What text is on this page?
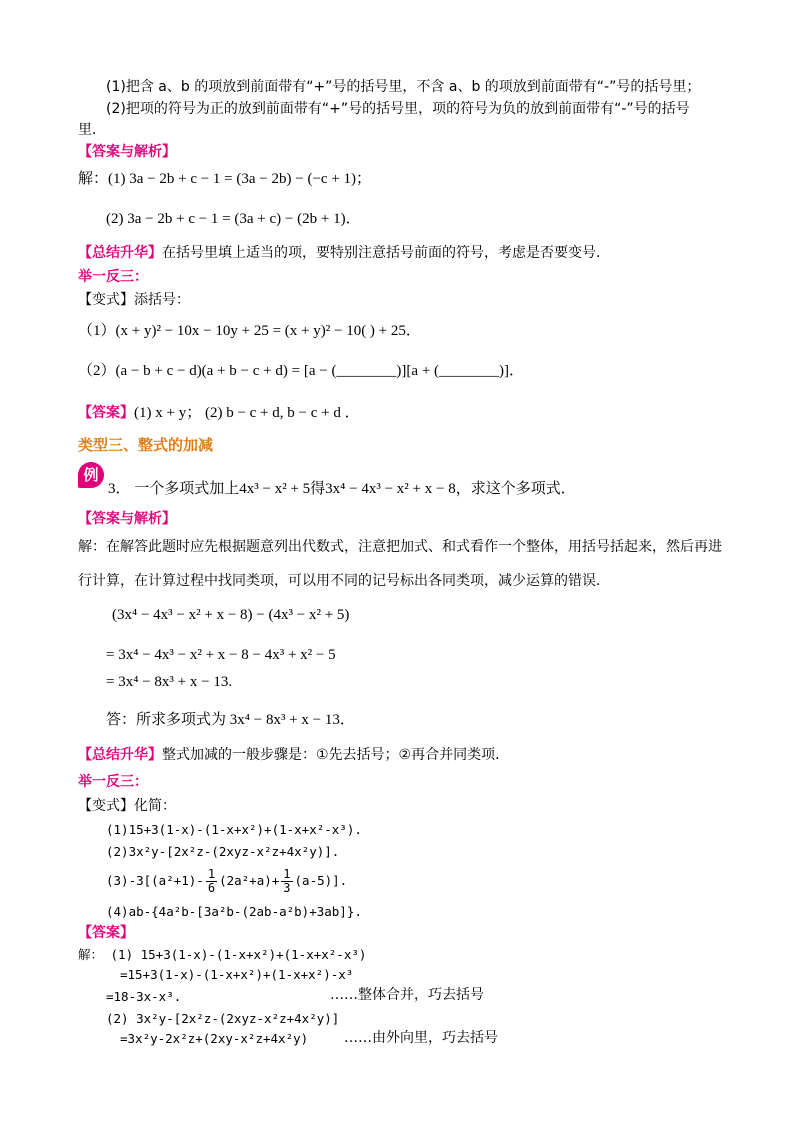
(1)把含 a、b 的项放到前面带有“+”号的括号里，不含 a、b 的项放到前面带有“-”号的括号里；
(2)把项的符号为正的放到前面带有“+”号的括号里，项的符号为负的放到前面带有“-”号的括号
里．
【答案与解析】
解：(1) 3a − 2b + c − 1 = (3a − 2b) − (−c + 1)；
(2) 3a − 2b + c − 1 = (3a + c) − (2b + 1)．
【总结升华】在括号里填上适当的项，要特别注意括号前面的符号，考虑是否要变号．
举一反三：
【变式】添括号：
（1）(x + y)² − 10x − 10y + 25 = (x + y)² − 10( ) + 25．
（2）(a − b + c − d)(a + b − c + d) = [a − (________)][a + (________)]．
【答案】(1) x + y； (2) b − c + d, b − c + d ．
类型三、整式的加减
例
3． 一个多项式加上4x³ − x² + 5得3x⁴ − 4x³ − x² + x − 8，求这个多项式．
【答案与解析】
解：在解答此题时应先根据题意列出代数式，注意把加式、和式看作一个整体，用括号括起来，然后再进
行计算，在计算过程中找同类项，可以用不同的记号标出各同类项，减少运算的错误．
(3x⁴ − 4x³ − x² + x − 8) − (4x³ − x² + 5)
= 3x⁴ − 4x³ − x² + x − 8 − 4x³ + x² − 5
= 3x⁴ − 8x³ + x − 13.
答：所求多项式为 3x⁴ − 8x³ + x − 13．
【总结升华】整式加减的一般步骤是：①先去括号；②再合并同类项．
举一反三：
【变式】化简：
(1)15+3(1-x)-(1-x+x²)+(1-x+x²-x³).
(2)3x²y-[2x²z-(2xyz-x²z+4x²y)].
$(3)-3[(a^2+1)- \frac{1}{6} (2a^2+a)+ \frac{1}{3} (a-5)]$.
(4)ab-{4a²b-[3a²b-(2ab-a²b)+3ab]}.
【答案】
解： (1) 15+3(1-x)-(1-x+x²)+(1-x+x²-x³)
=15+3(1-x)-(1-x+x²)+(1-x+x²)-x³
=18-3x-x³.	……整体合并，巧去括号
(2) 3x²y-[2x²z-(2xyz-x²z+4x²y)]
=3x²y-2x²z+(2xy-x²z+4x²y)	……由外向里，巧去括号
